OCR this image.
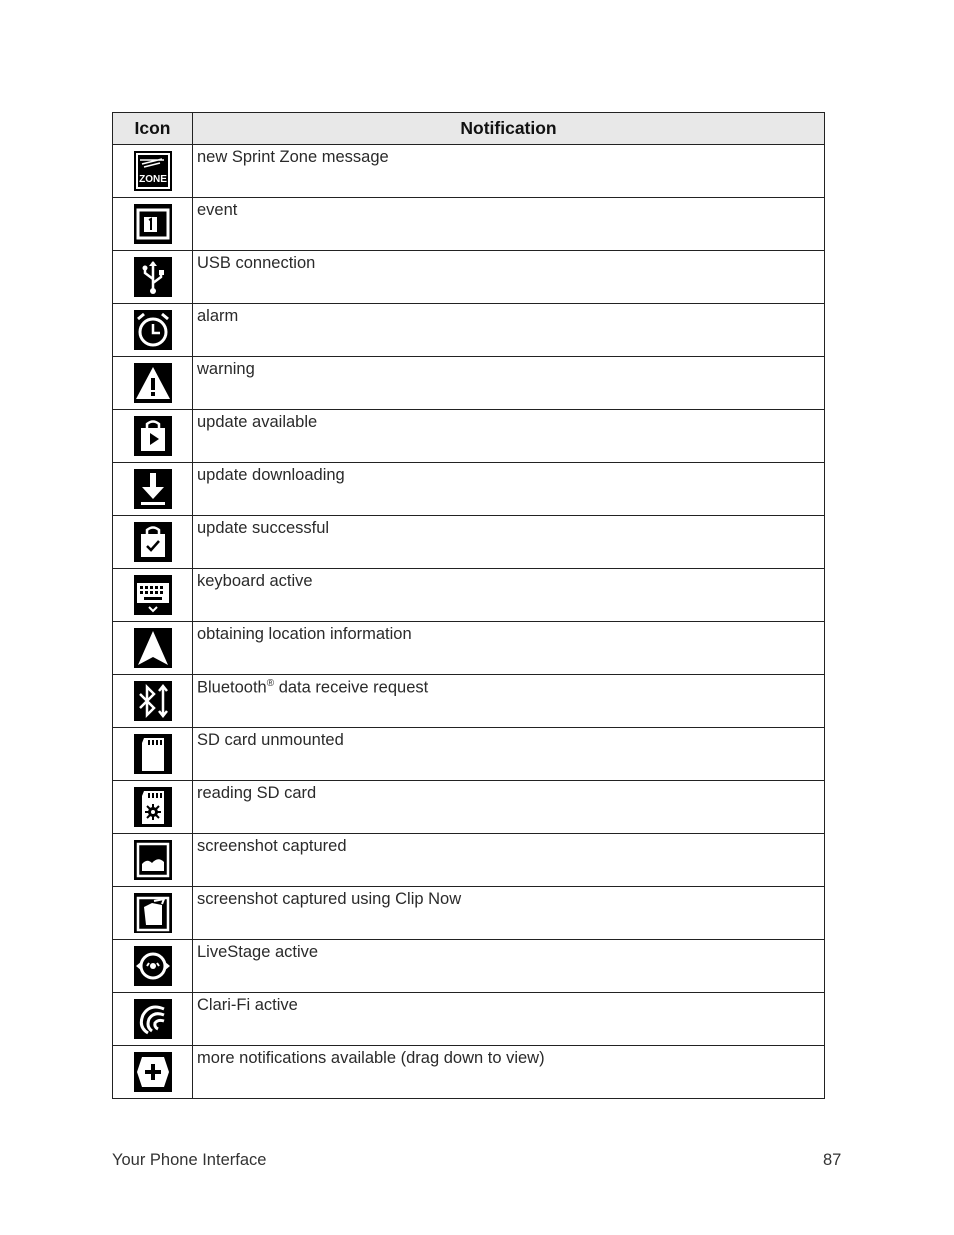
Icon	Notification

ZONE	new Sprint Zone message

	event

	USB connection

	alarm

	warning

	update available

	update downloading

	update successful

	keyboard active

	obtaining location information

	Bluetooth® data receive request

	SD card unmounted

	reading SD card

	screenshot captured

	screenshot captured using Clip Now

	LiveStage active

	Clari-Fi active

	more notifications available (drag down to view)
Your Phone Interface	87
